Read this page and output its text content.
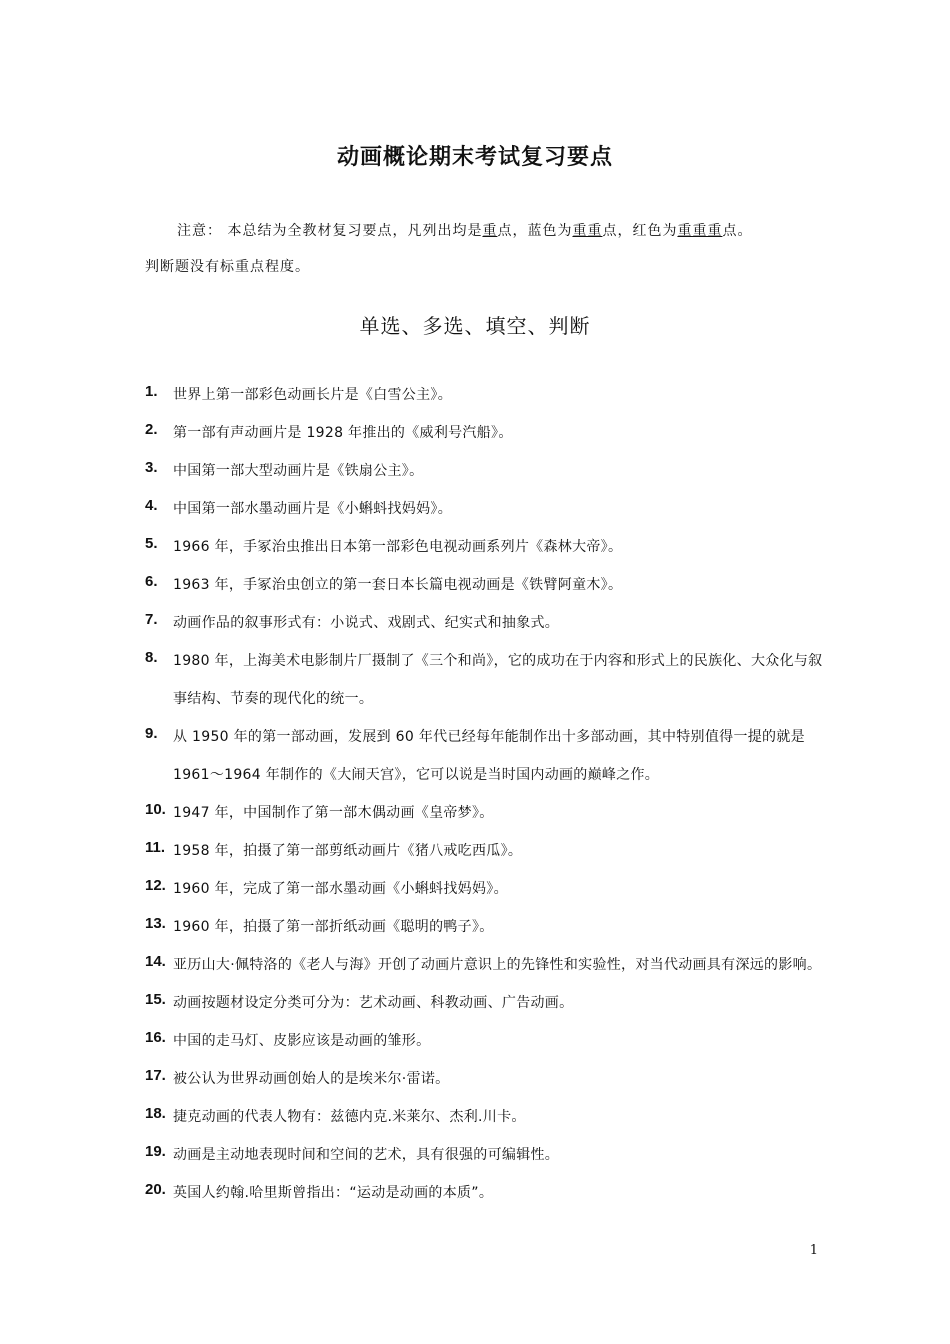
动画概论期末考试复习要点
注意： 本总结为全教材复习要点，凡列出均是重点，蓝色为重重点，红色为重重重点。
判断题没有标重点程度。
单选、多选、填空、判断
1. 世界上第一部彩色动画长片是《白雪公主》。
2. 第一部有声动画片是 1928 年推出的《威利号汽船》。
3. 中国第一部大型动画片是《铁扇公主》。
4. 中国第一部水墨动画片是《小蝌蚪找妈妈》。
5. 1966 年，手冢治虫推出日本第一部彩色电视动画系列片《森林大帝》。
6. 1963 年，手冢治虫创立的第一套日本长篇电视动画是《铁臂阿童木》。
7. 动画作品的叙事形式有：小说式、戏剧式、纪实式和抽象式。
8. 1980 年，上海美术电影制片厂摄制了《三个和尚》，它的成功在于内容和形式上的民族化、大众化与叙事结构、节奏的现代化的统一。
9. 从 1950 年的第一部动画，发展到 60 年代已经每年能制作出十多部动画，其中特别值得一提的就是 1961～1964 年制作的《大闹天宫》，它可以说是当时国内动画的巅峰之作。
10. 1947 年，中国制作了第一部木偶动画《皇帝梦》。
11. 1958 年，拍摄了第一部剪纸动画片《猪八戒吃西瓜》。
12. 1960 年，完成了第一部水墨动画《小蝌蚪找妈妈》。
13. 1960 年，拍摄了第一部折纸动画《聪明的鸭子》。
14. 亚历山大·佩特洛的《老人与海》开创了动画片意识上的先锋性和实验性，对当代动画具有深远的影响。
15. 动画按题材设定分类可分为：艺术动画、科教动画、广告动画。
16. 中国的走马灯、皮影应该是动画的雏形。
17. 被公认为世界动画创始人的是埃米尔·雷诺。
18. 捷克动画的代表人物有：兹德内克.米莱尔、杰利.川卡。
19. 动画是主动地表现时间和空间的艺术，具有很强的可编辑性。
20. 英国人约翰.哈里斯曾指出：“运动是动画的本质”。
1
